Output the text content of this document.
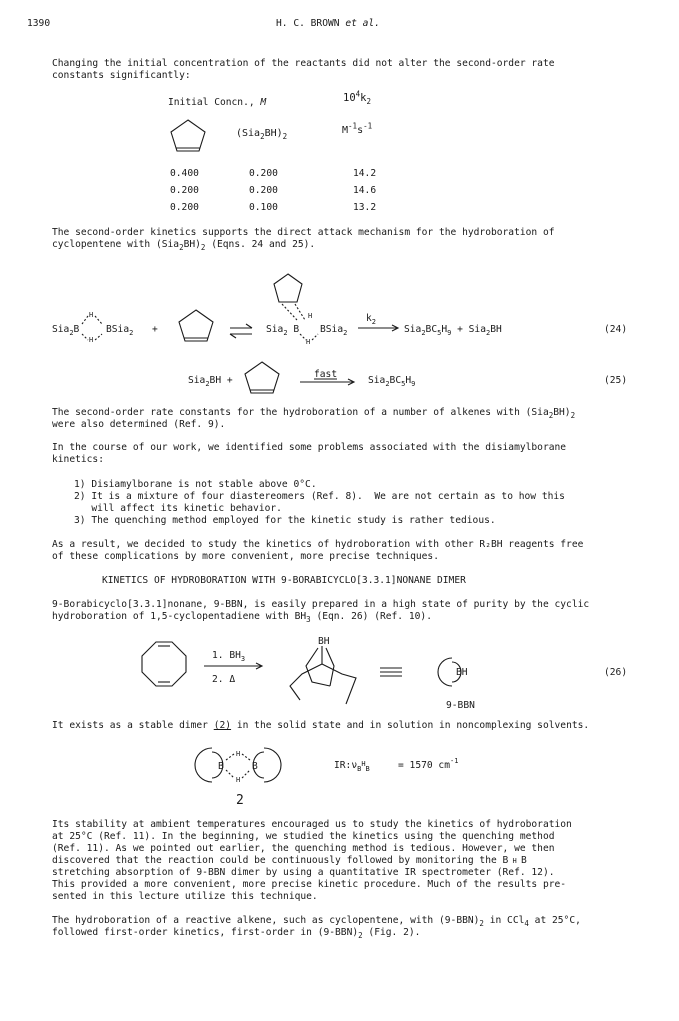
1390	H. C. BROWN et al.
Changing the initial concentration of the reactants did not alter the second-order rate
constants significantly:
Initial Concn., M	$10^4k_2$
$(Sia_2BH)_2$
$M^{-1}s^{-1}$
0.400	0.200	14.2
0.200	0.200	14.6
0.200	0.100	13.2
The second-order kinetics supports the direct attack mechanism for the hydroboration of
cyclopentene with $(Sia_2BH)_2$ (Eqns. 24 and 25).
Sia$_2$B
H
H
BSia$_2$ +	Sia$_2$ B
H
H
BSia$_2$
$k_2$
$Sia_2BC_5H_9 + Sia_2BH$	(24)
Sia$_2$BH +
fast
$Sia_2BC_5H_9$	(25)
The second-order rate constants for the hydroboration of a number of alkenes with $(Sia_2BH)_2$
were also determined (Ref. 9).
In the course of our work, we identified some problems associated with the disiamylborane
kinetics:
1) Disiamylborane is not stable above 0°C.
2) It is a mixture of four diastereomers (Ref. 8).  We are not certain as to how this
will affect its kinetic behavior.
3) The quenching method employed for the kinetic study is rather tedious.
As a result, we decided to study the kinetics of hydroboration with other R₂BH reagents free
of these complications by more convenient, more precise techniques.
KINETICS OF HYDROBORATION WITH 9-BORABICYCLO[3.3.1]NONANE DIMER
9-Borabicyclo[3.3.1]nonane, 9-BBN, is easily prepared in a high state of purity by the cyclic
hydroboration of 1,5-cyclopentadiene with $BH_3$ (Eqn. 26) (Ref. 10).
1. $BH_3$
2. Δ
BH
BH
9-BBN
(26)
It exists as a stable dimer (2) in the solid state and in solution in noncomplexing solvents.
B
H
H
B	$IR:\nu_B^H_B$	= 1570 $cm^{-1}$
2
Its stability at ambient temperatures encouraged us to study the kinetics of hydroboration
at 25°C (Ref. 11). In the beginning, we studied the kinetics using the quenching method
(Ref. 11). As we pointed out earlier, the quenching method is tedious. However, we then
discovered that the reaction could be continuously followed by monitoring the B H B
stretching absorption of 9-BBN dimer by using a quantitative IR spectrometer (Ref. 12).
This provided a more convenient, more precise kinetic procedure. Much of the results pre-
sented in this lecture utilize this technique.
The hydroboration of a reactive alkene, such as cyclopentene, with $(9-BBN)_2$ in CCl$_4$ at 25°C,
followed first-order kinetics, first-order in $(9-BBN)_2$ (Fig. 2).
